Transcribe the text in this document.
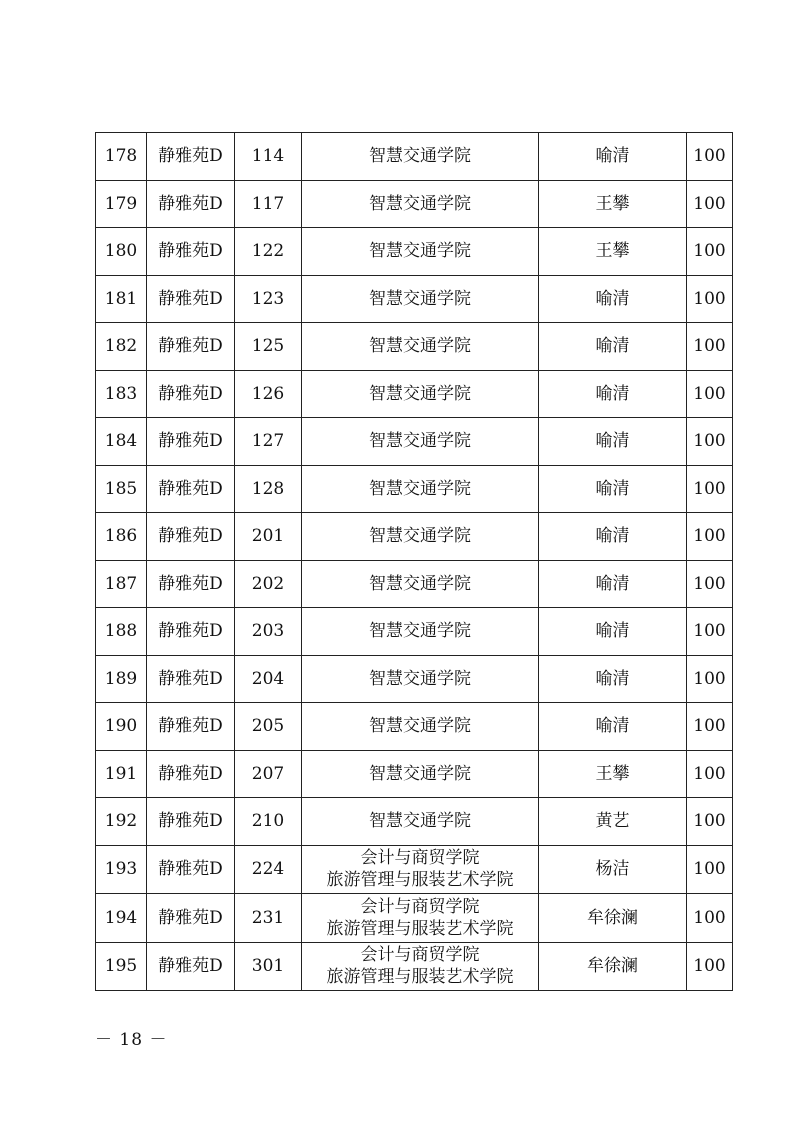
178	静雅苑D	114	智慧交通学院	喻清	100
179	静雅苑D	117	智慧交通学院	王攀	100
180	静雅苑D	122	智慧交通学院	王攀	100
181	静雅苑D	123	智慧交通学院	喻清	100
182	静雅苑D	125	智慧交通学院	喻清	100
183	静雅苑D	126	智慧交通学院	喻清	100
184	静雅苑D	127	智慧交通学院	喻清	100
185	静雅苑D	128	智慧交通学院	喻清	100
186	静雅苑D	201	智慧交通学院	喻清	100
187	静雅苑D	202	智慧交通学院	喻清	100
188	静雅苑D	203	智慧交通学院	喻清	100
189	静雅苑D	204	智慧交通学院	喻清	100
190	静雅苑D	205	智慧交通学院	喻清	100
191	静雅苑D	207	智慧交通学院	王攀	100
192	静雅苑D	210	智慧交通学院	黄艺	100
193	静雅苑D	224	会计与商贸学院
旅游管理与服装艺术学院	杨洁	100
194	静雅苑D	231	会计与商贸学院
旅游管理与服装艺术学院	牟徐澜	100
195	静雅苑D	301	会计与商贸学院
旅游管理与服装艺术学院	牟徐澜	100
－ 18 －
